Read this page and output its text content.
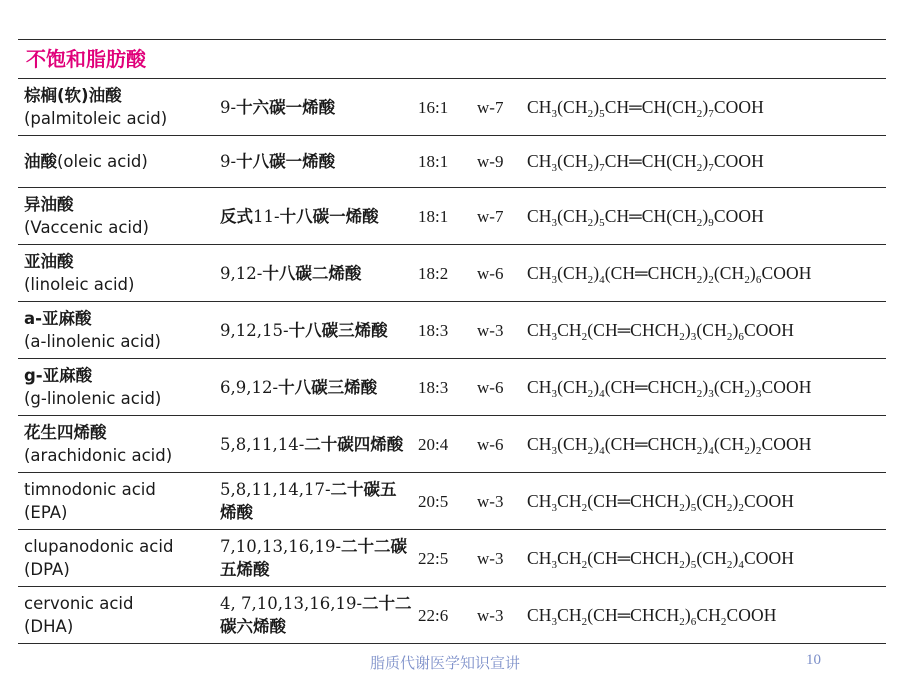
不饱和脂肪酸				
棕榈(软)油酸
(palmitoleic acid)	9-十六碳一烯酸	16:1	w-7	$CH_3(CH_2)_5CH═CH(CH_2)_7COOH$
油酸(oleic acid)	9-十八碳一烯酸	18:1	w-9	$CH_3(CH_2)_7CH═CH(CH_2)_7COOH$
异油酸
(Vaccenic acid)	反式11-十八碳一烯酸	18:1	w-7	$CH_3(CH_2)_5CH═CH(CH_2)_9COOH$
亚油酸
(linoleic acid)	9,12-十八碳二烯酸	18:2	w-6	$CH_3(CH_2)_4(CH═CHCH_2)_2(CH_2)_6COOH$
a-亚麻酸
(a-linolenic acid)	9,12,15-十八碳三烯酸	18:3	w-3	$CH_3CH_2(CH═CHCH_2)_3(CH_2)_6COOH$
g-亚麻酸
(g-linolenic acid)	6,9,12-十八碳三烯酸	18:3	w-6	$CH_3(CH_2)_4(CH═CHCH_2)_3(CH_2)_3COOH$
花生四烯酸
(arachidonic acid)	5,8,11,14-二十碳四烯酸	20:4	w-6	$CH_3(CH_2)_4(CH═CHCH_2)_4(CH_2)_2COOH$
timnodonic acid
(EPA)	5,8,11,14,17-二十碳五烯酸	20:5	w-3	$CH_3CH_2(CH═CHCH_2)_5(CH_2)_2COOH$
clupanodonic acid
(DPA)	7,10,13,16,19-二十二碳五烯酸	22:5	w-3	$CH_3CH_2(CH═CHCH_2)_5(CH_2)_4COOH$
cervonic acid
(DHA)	4, 7,10,13,16,19-二十二碳六烯酸	22:6	w-3	$CH_3CH_2(CH═CHCH_2)_6CH_2COOH$
脂质代谢医学知识宣讲	10
